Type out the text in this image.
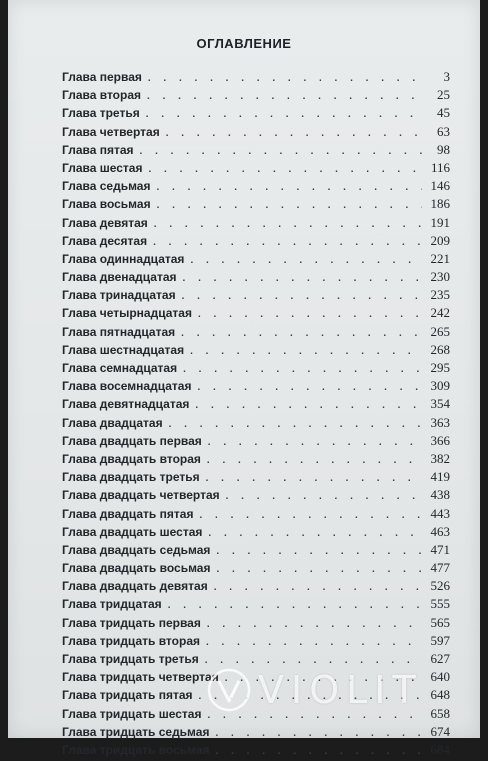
ОГЛАВЛЕНИЕ
Глава первая . . .	3
Глава вторая . . .	25
Глава третья . . .	45
Глава четвертая . . .	63
Глава пятая . . .	98
Глава шестая . . .	116
Глава седьмая . . .	146
Глава восьмая . . .	186
Глава девятая . . .	191
Глава десятая . . .	209
Глава одиннадцатая . . .	221
Глава двенадцатая . . .	230
Глава тринадцатая . . .	235
Глава четырнадцатая . . .	242
Глава пятнадцатая . . .	265
Глава шестнадцатая . . .	268
Глава семнадцатая . . .	295
Глава восемнадцатая . . .	309
Глава девятнадцатая . . .	354
Глава двадцатая . . .	363
Глава двадцать первая . . .	366
Глава двадцать вторая . . .	382
Глава двадцать третья . . .	419
Глава двадцать четвертая . . .	438
Глава двадцать пятая . . .	443
Глава двадцать шестая . . .	463
Глава двадцать седьмая . . .	471
Глава двадцать восьмая . . .	477
Глава двадцать девятая . . .	526
Глава тридцатая . . .	555
Глава тридцать первая . . .	565
Глава тридцать вторая . . .	597
Глава тридцать третья . . .	627
Глава тридцать четвертая . . .	640
Глава тридцать пятая . . .	648
Глава тридцать шестая . . .	658
Глава тридцать седьмая . . .	674
Глава тридцать восьмая . . .	684
VIOLIT
